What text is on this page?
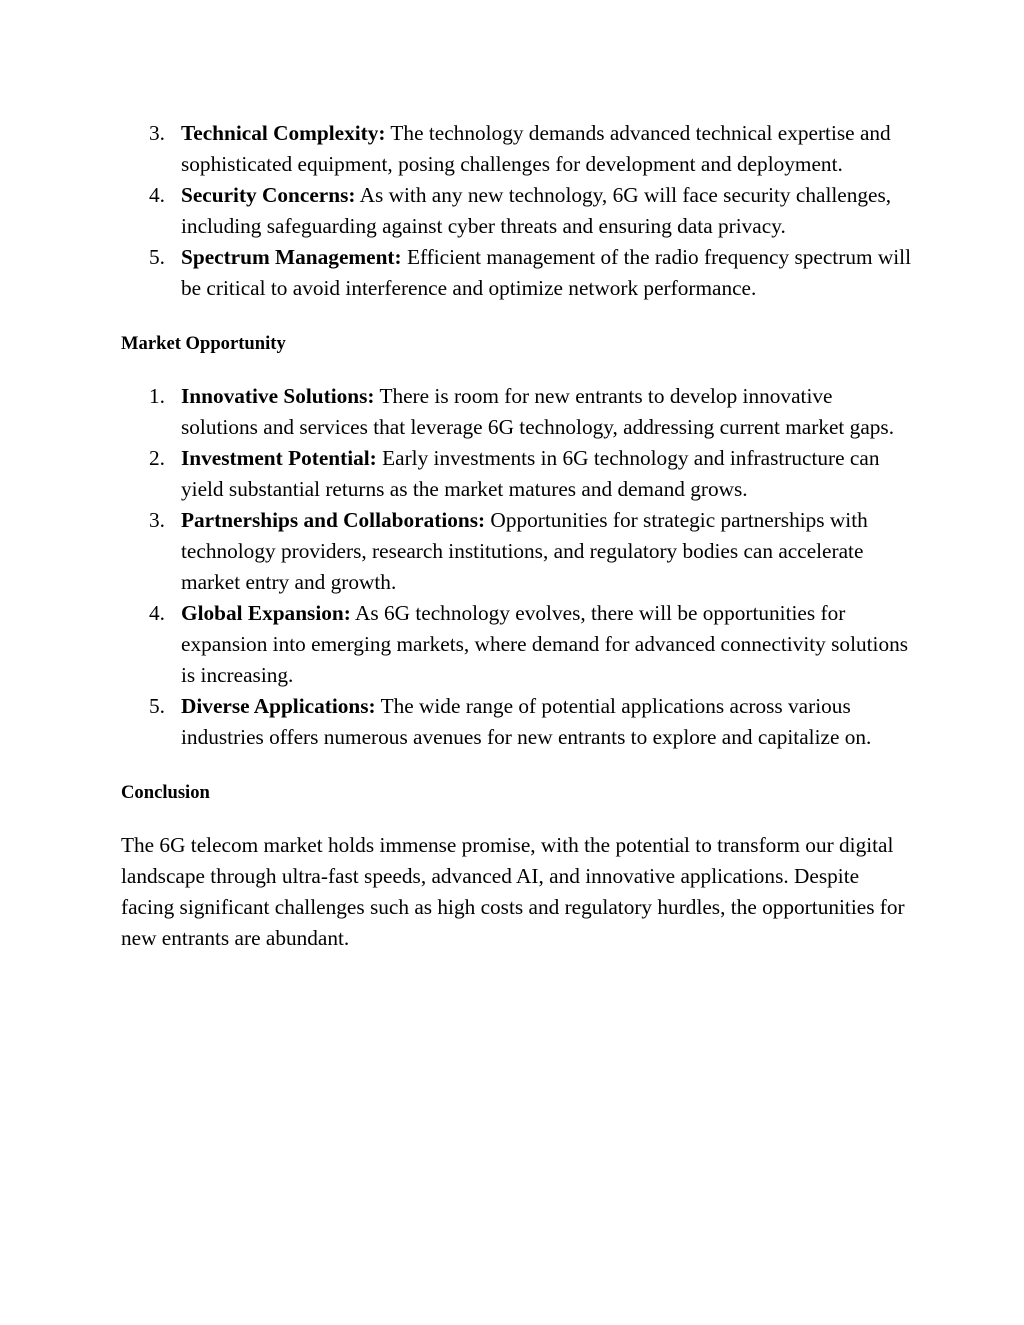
3. Technical Complexity: The technology demands advanced technical expertise and sophisticated equipment, posing challenges for development and deployment.
4. Security Concerns: As with any new technology, 6G will face security challenges, including safeguarding against cyber threats and ensuring data privacy.
5. Spectrum Management: Efficient management of the radio frequency spectrum will be critical to avoid interference and optimize network performance.
Market Opportunity
1. Innovative Solutions: There is room for new entrants to develop innovative solutions and services that leverage 6G technology, addressing current market gaps.
2. Investment Potential: Early investments in 6G technology and infrastructure can yield substantial returns as the market matures and demand grows.
3. Partnerships and Collaborations: Opportunities for strategic partnerships with technology providers, research institutions, and regulatory bodies can accelerate market entry and growth.
4. Global Expansion: As 6G technology evolves, there will be opportunities for expansion into emerging markets, where demand for advanced connectivity solutions is increasing.
5. Diverse Applications: The wide range of potential applications across various industries offers numerous avenues for new entrants to explore and capitalize on.
Conclusion

The 6G telecom market holds immense promise, with the potential to transform our digital landscape through ultra-fast speeds, advanced AI, and innovative applications. Despite facing significant challenges such as high costs and regulatory hurdles, the opportunities for new entrants are abundant.
